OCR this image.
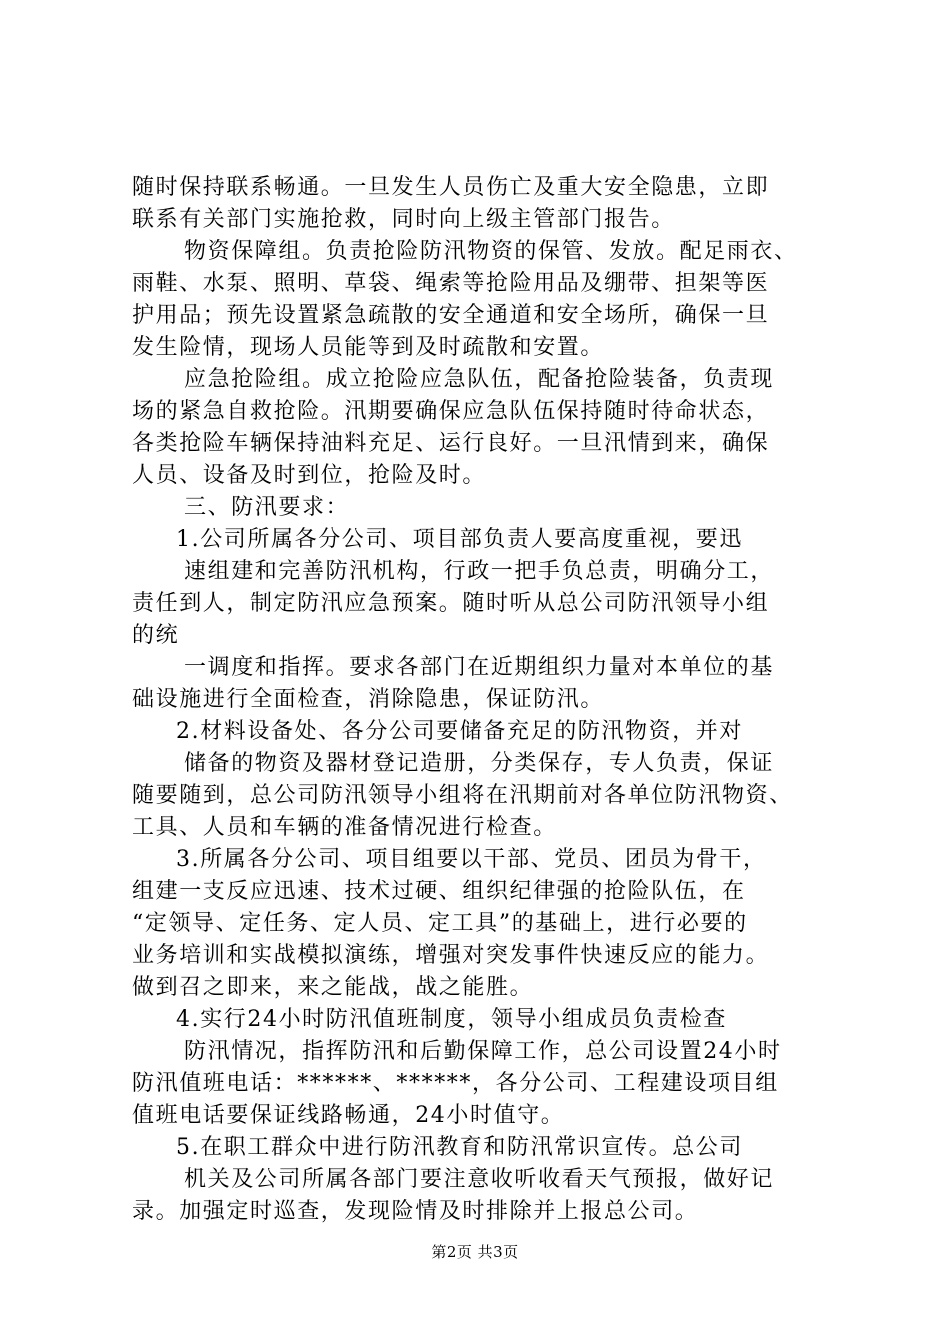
随时保持联系畅通。一旦发生人员伤亡及重大安全隐患，立即
联系有关部门实施抢救，同时向上级主管部门报告。
物资保障组。负责抢险防汛物资的保管、发放。配足雨衣、
雨鞋、水泵、照明、草袋、绳索等抢险用品及绷带、担架等医
护用品；预先设置紧急疏散的安全通道和安全场所，确保一旦
发生险情，现场人员能等到及时疏散和安置。
应急抢险组。成立抢险应急队伍，配备抢险装备，负责现
场的紧急自救抢险。汛期要确保应急队伍保持随时待命状态，
各类抢险车辆保持油料充足、运行良好。一旦汛情到来，确保
人员、设备及时到位，抢险及时。
三、防汛要求：
1.公司所属各分公司、项目部负责人要高度重视，要迅
速组建和完善防汛机构，行政一把手负总责，明确分工，
责任到人，制定防汛应急预案。随时听从总公司防汛领导小组
的统
一调度和指挥。要求各部门在近期组织力量对本单位的基
础设施进行全面检查，消除隐患，保证防汛。
2.材料设备处、各分公司要储备充足的防汛物资，并对
储备的物资及器材登记造册，分类保存，专人负责，保证
随要随到，总公司防汛领导小组将在汛期前对各单位防汛物资、
工具、人员和车辆的准备情况进行检查。
3.所属各分公司、项目组要以干部、党员、团员为骨干，
组建一支反应迅速、技术过硬、组织纪律强的抢险队伍，在
“定领导、定任务、定人员、定工具”的基础上，进行必要的
业务培训和实战模拟演练，增强对突发事件快速反应的能力。
做到召之即来，来之能战，战之能胜。
4.实行24小时防汛值班制度，领导小组成员负责检查
防汛情况，指挥防汛和后勤保障工作，总公司设置24小时
防汛值班电话：******、******，各分公司、工程建设项目组
值班电话要保证线路畅通，24小时值守。
5.在职工群众中进行防汛教育和防汛常识宣传。总公司
机关及公司所属各部门要注意收听收看天气预报，做好记
录。加强定时巡查，发现险情及时排除并上报总公司。
第2页 共3页
